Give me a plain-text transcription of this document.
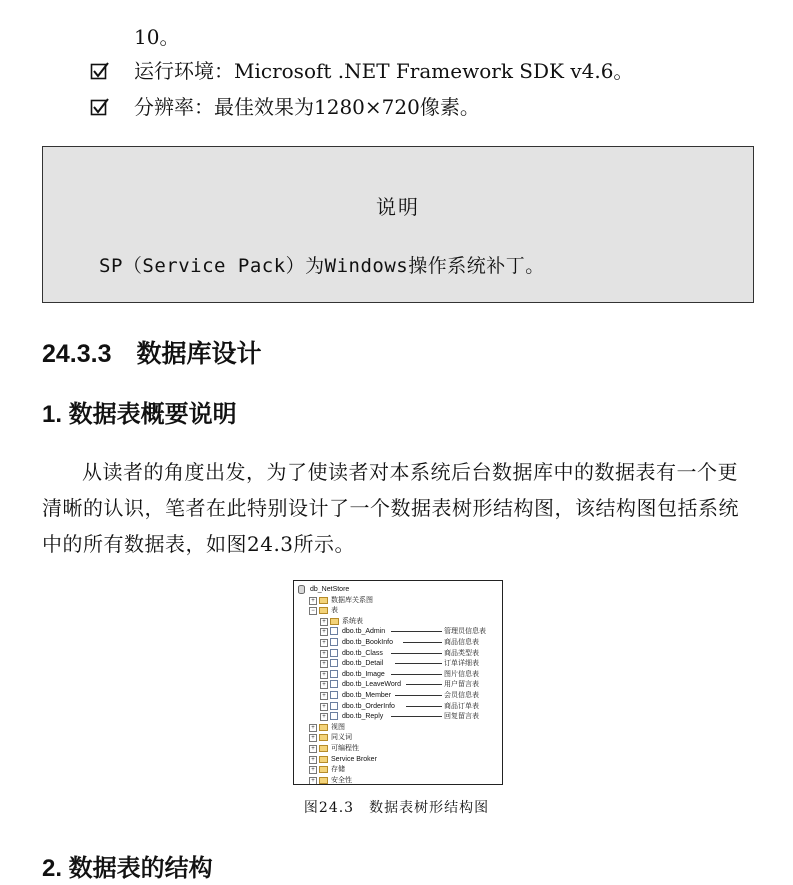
10。
运行环境：Microsoft .NET Framework SDK v4.6。
分辨率：最佳效果为1280×720像素。
说明
SP（Service Pack）为Windows操作系统补丁。
24.3.3　数据库设计
1. 数据表概要说明

从读者的角度出发，为了使读者对本系统后台数据库中的数据表有一个更清晰的认识，笔者在此特别设计了一个数据表树形结构图，该结构图包括系统中的所有数据表，如图24.3所示。

db_NetStore
+	数据库关系图
−	表
+	系统表
+	dbo.tb_Admin	管理员信息表
+	dbo.tb_BookInfo	商品信息表
+	dbo.tb_Class	商品类型表
+	dbo.tb_Detail	订单详细表
+	dbo.tb_Image	图片信息表
+	dbo.tb_LeaveWord	用户留言表
+	dbo.tb_Member	会员信息表
+	dbo.tb_OrderInfo	商品订单表
+	dbo.tb_Reply	回复留言表
+	视图
+	同义词
+	可编程性
+	Service Broker
+	存储
+	安全性
图24.3　数据表树形结构图
2. 数据表的结构
